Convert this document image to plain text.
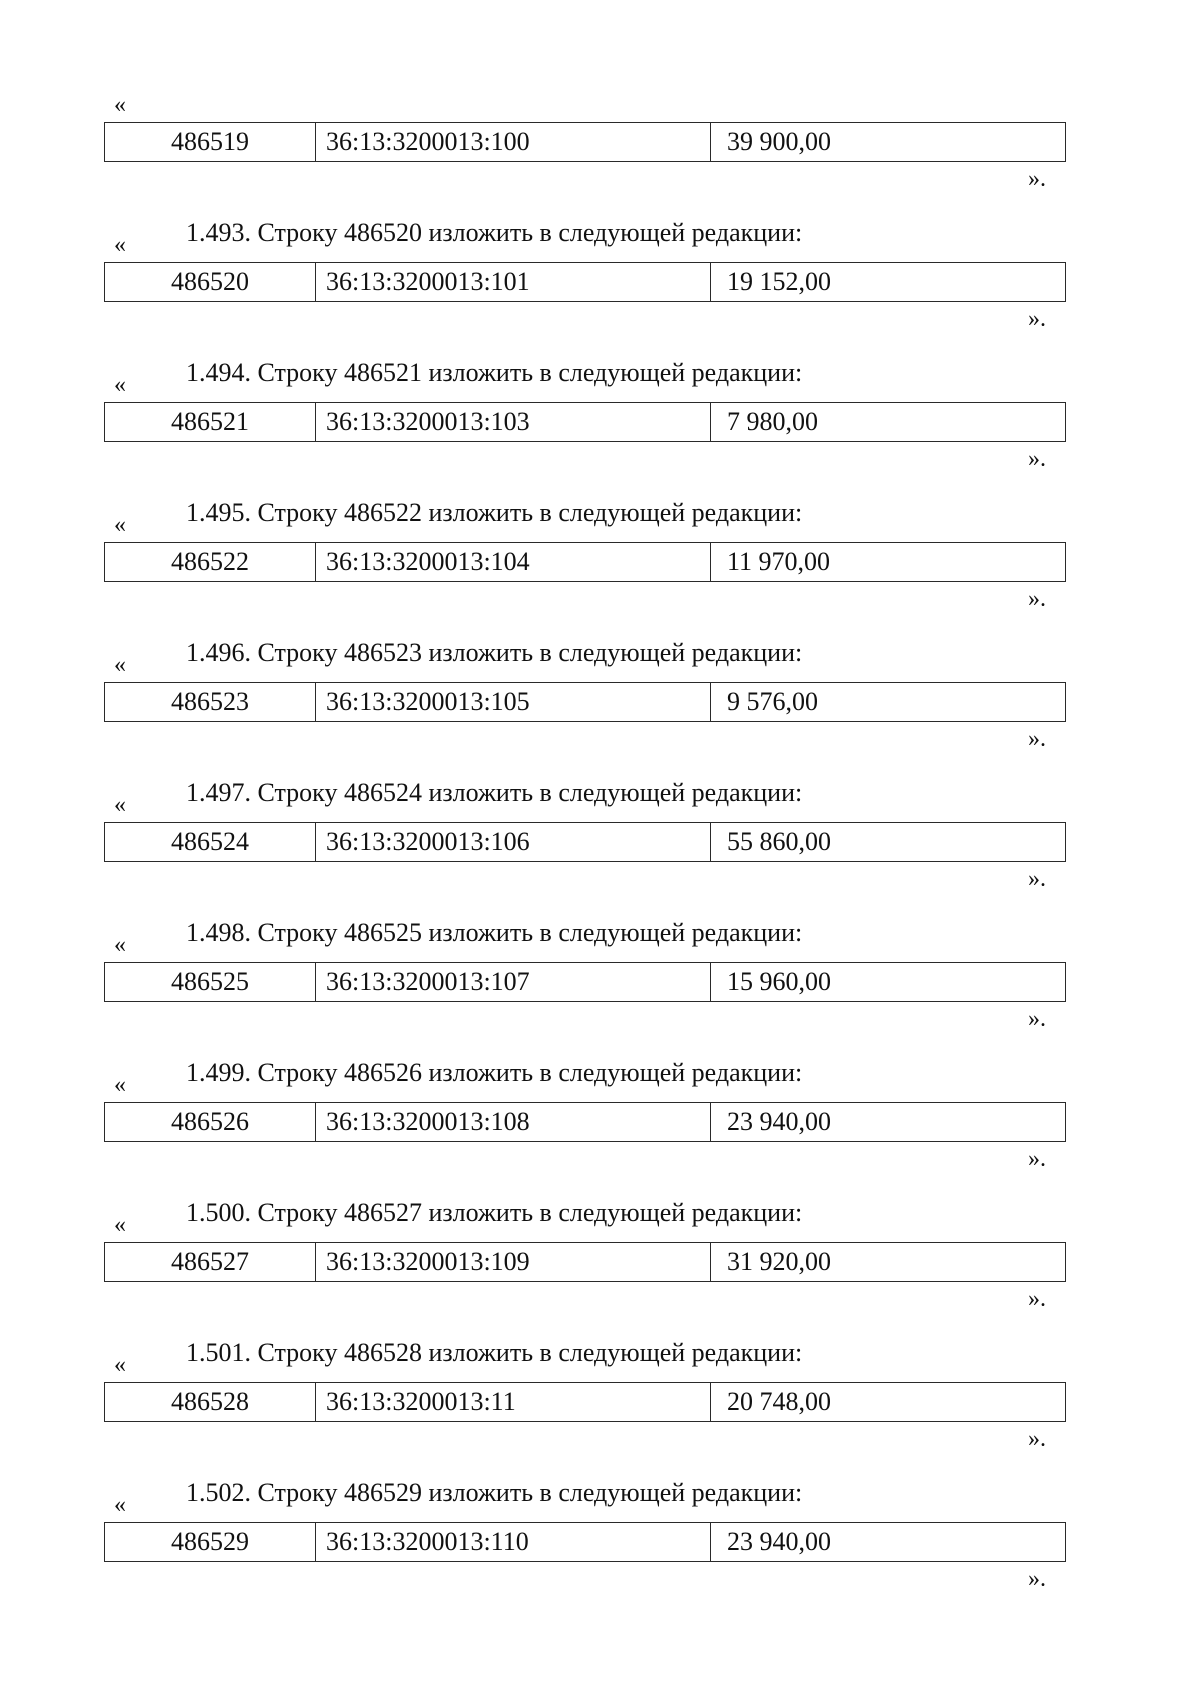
«
486519	36:13:3200013:100	39 900,00
».
1.493. Строку 486520 изложить в следующей редакции:
«
486520	36:13:3200013:101	19 152,00
».
1.494. Строку 486521 изложить в следующей редакции:
«
486521	36:13:3200013:103	7 980,00
».
1.495. Строку 486522 изложить в следующей редакции:
«
486522	36:13:3200013:104	11 970,00
».
1.496. Строку 486523 изложить в следующей редакции:
«
486523	36:13:3200013:105	9 576,00
».
1.497. Строку 486524 изложить в следующей редакции:
«
486524	36:13:3200013:106	55 860,00
».
1.498. Строку 486525 изложить в следующей редакции:
«
486525	36:13:3200013:107	15 960,00
».
1.499. Строку 486526 изложить в следующей редакции:
«
486526	36:13:3200013:108	23 940,00
».
1.500. Строку 486527 изложить в следующей редакции:
«
486527	36:13:3200013:109	31 920,00
».
1.501. Строку 486528 изложить в следующей редакции:
«
486528	36:13:3200013:11	20 748,00
».
1.502. Строку 486529 изложить в следующей редакции:
«
486529	36:13:3200013:110	23 940,00
».
